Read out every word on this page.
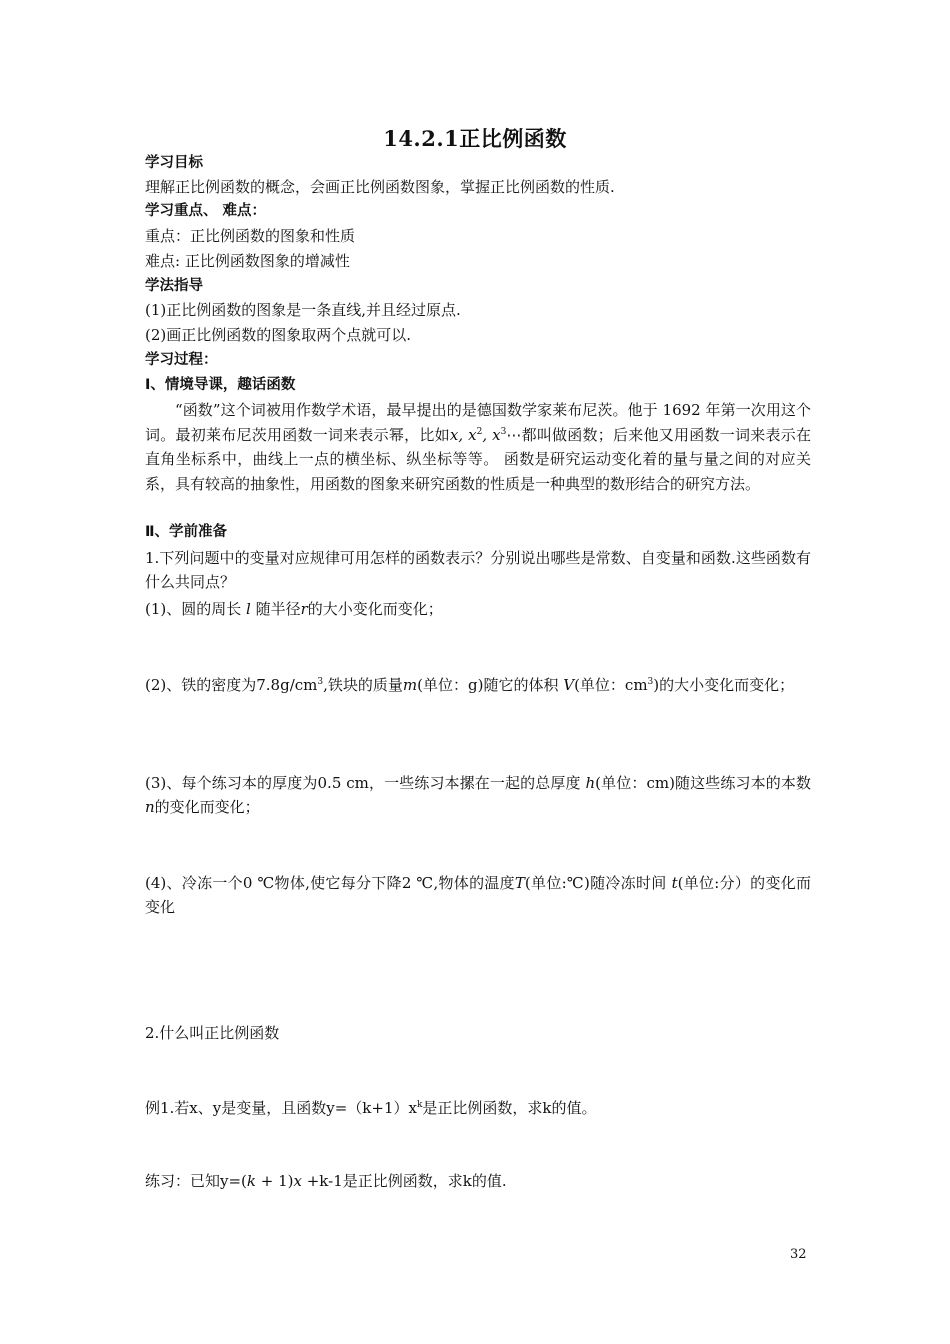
14.2.1正比例函数
学习目标
理解正比例函数的概念，会画正比例函数图象，掌握正比例函数的性质.
学习重点、 难点：
重点：正比例函数的图象和性质
难点: 正比例函数图象的增减性
学法指导
(1)正比例函数的图象是一条直线,并且经过原点.
(2)画正比例函数的图象取两个点就可以.
学习过程：
Ⅰ、情境导课，趣话函数
“函数”这个词被用作数学术语，最早提出的是德国数学家莱布尼茨。他于 1692 年第一次用这个词。最初莱布尼茨用函数一词来表示幂，比如x, $x^2$, $x^3\cdots$都叫做函数；后来他又用函数一词来表示在直角坐标系中，曲线上一点的横坐标、纵坐标等等。 函数是研究运动变化着的量与量之间的对应关系，具有较高的抽象性，用函数的图象来研究函数的性质是一种典型的数形结合的研究方法。
Ⅱ、学前准备
1.下列问题中的变量对应规律可用怎样的函数表示？分别说出哪些是常数、自变量和函数.这些函数有什么共同点？
(1)、圆的周长 l 随半径r的大小变化而变化；
(2)、铁的密度为$7.8g/cm^3$,铁块的质量m(单位：g)随它的体积 V(单位：$cm^3$)的大小变化而变化；
(3)、每个练习本的厚度为0.5 cm，一些练习本摞在一起的总厚度 h(单位：cm)随这些练习本的本数 n的变化而变化；
(4)、冷冻一个0 ℃物体,使它每分下降2 ℃,物体的温度T(单位:℃)随冷冻时间 t(单位:分）的变化而变化
2.什么叫正比例函数
例1.若x、y是变量，且函数$y=(k+1)x^k$是正比例函数，求k的值。
练习：已知y=(k + 1)x +k-1是正比例函数，求k的值.
32
